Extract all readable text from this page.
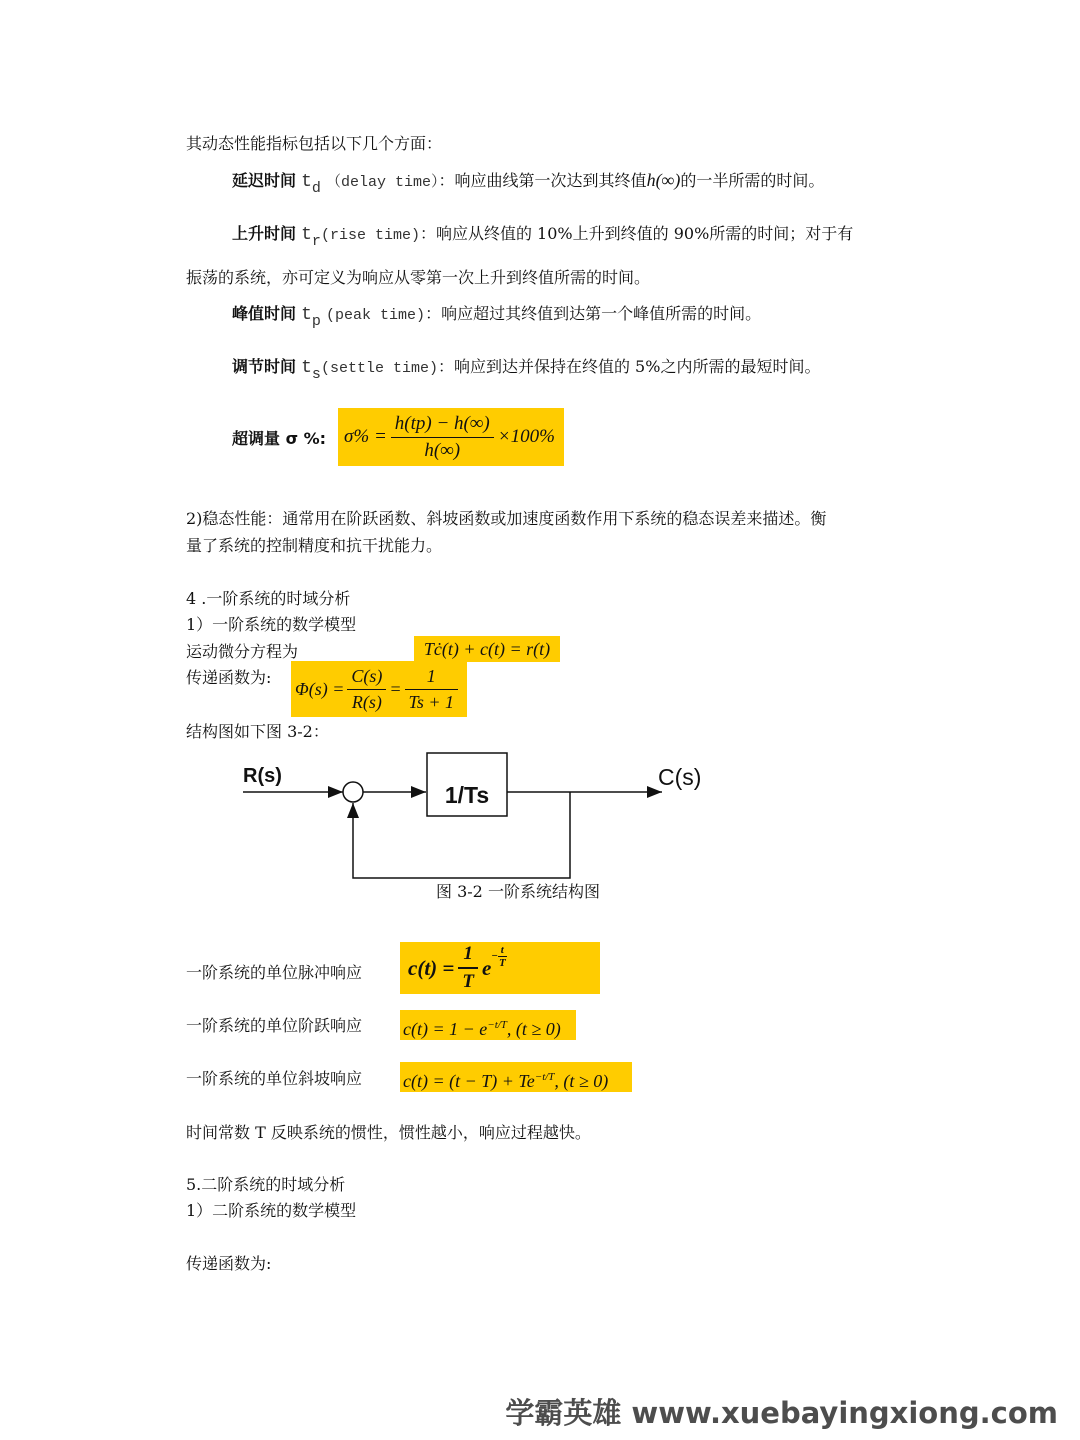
其动态性能指标包括以下几个方面：
延迟时间 td （delay time）：响应曲线第一次达到其终值h(∞)的一半所需的时间。
上升时间 tr(rise time)：响应从终值的 10%上升到终值的 90%所需的时间；对于有
振荡的系统，亦可定义为响应从零第一次上升到终值所需的时间。
峰值时间 tp (peak time)：响应超过其终值到达第一个峰值所需的时间。
调节时间 ts(settle time)：响应到达并保持在终值的 5%之内所需的最短时间。
超调量 σ %: $\sigma\% = \frac{h(tp) - h(\infty)}{h(\infty)} \times 100\%$
2)稳态性能：通常用在阶跃函数、斜坡函数或加速度函数作用下系统的稳态误差来描述。衡
量了系统的控制精度和抗干扰能力。
4 .一阶系统的时域分析
1）一阶系统的数学模型
运动微分方程为	Tċ(t) + c(t) = r(t)
传递函数为:
$\Phi(s) = \frac{C(s)}{R(s)} = \frac{1}{Ts + 1}$
结构图如下图 3-2：
R(s)
1/Ts
C(s)
图 3-2 一阶系统结构图
一阶系统的单位脉冲响应 $c(t) = \frac{1}{T}$ $e - \frac{t}{T}$
一阶系统的单位阶跃响应 $c(t) = 1 - e^{-t/T}$, (t ≥ 0)
一阶系统的单位斜坡响应 $c(t) = (t - T) + Te^{-t/T}$, (t ≥ 0)
时间常数 T 反映系统的惯性，惯性越小，响应过程越快。
5.二阶系统的时域分析
1）二阶系统的数学模型
传递函数为:
学霸英雄 www.xuebayingxiong.com
